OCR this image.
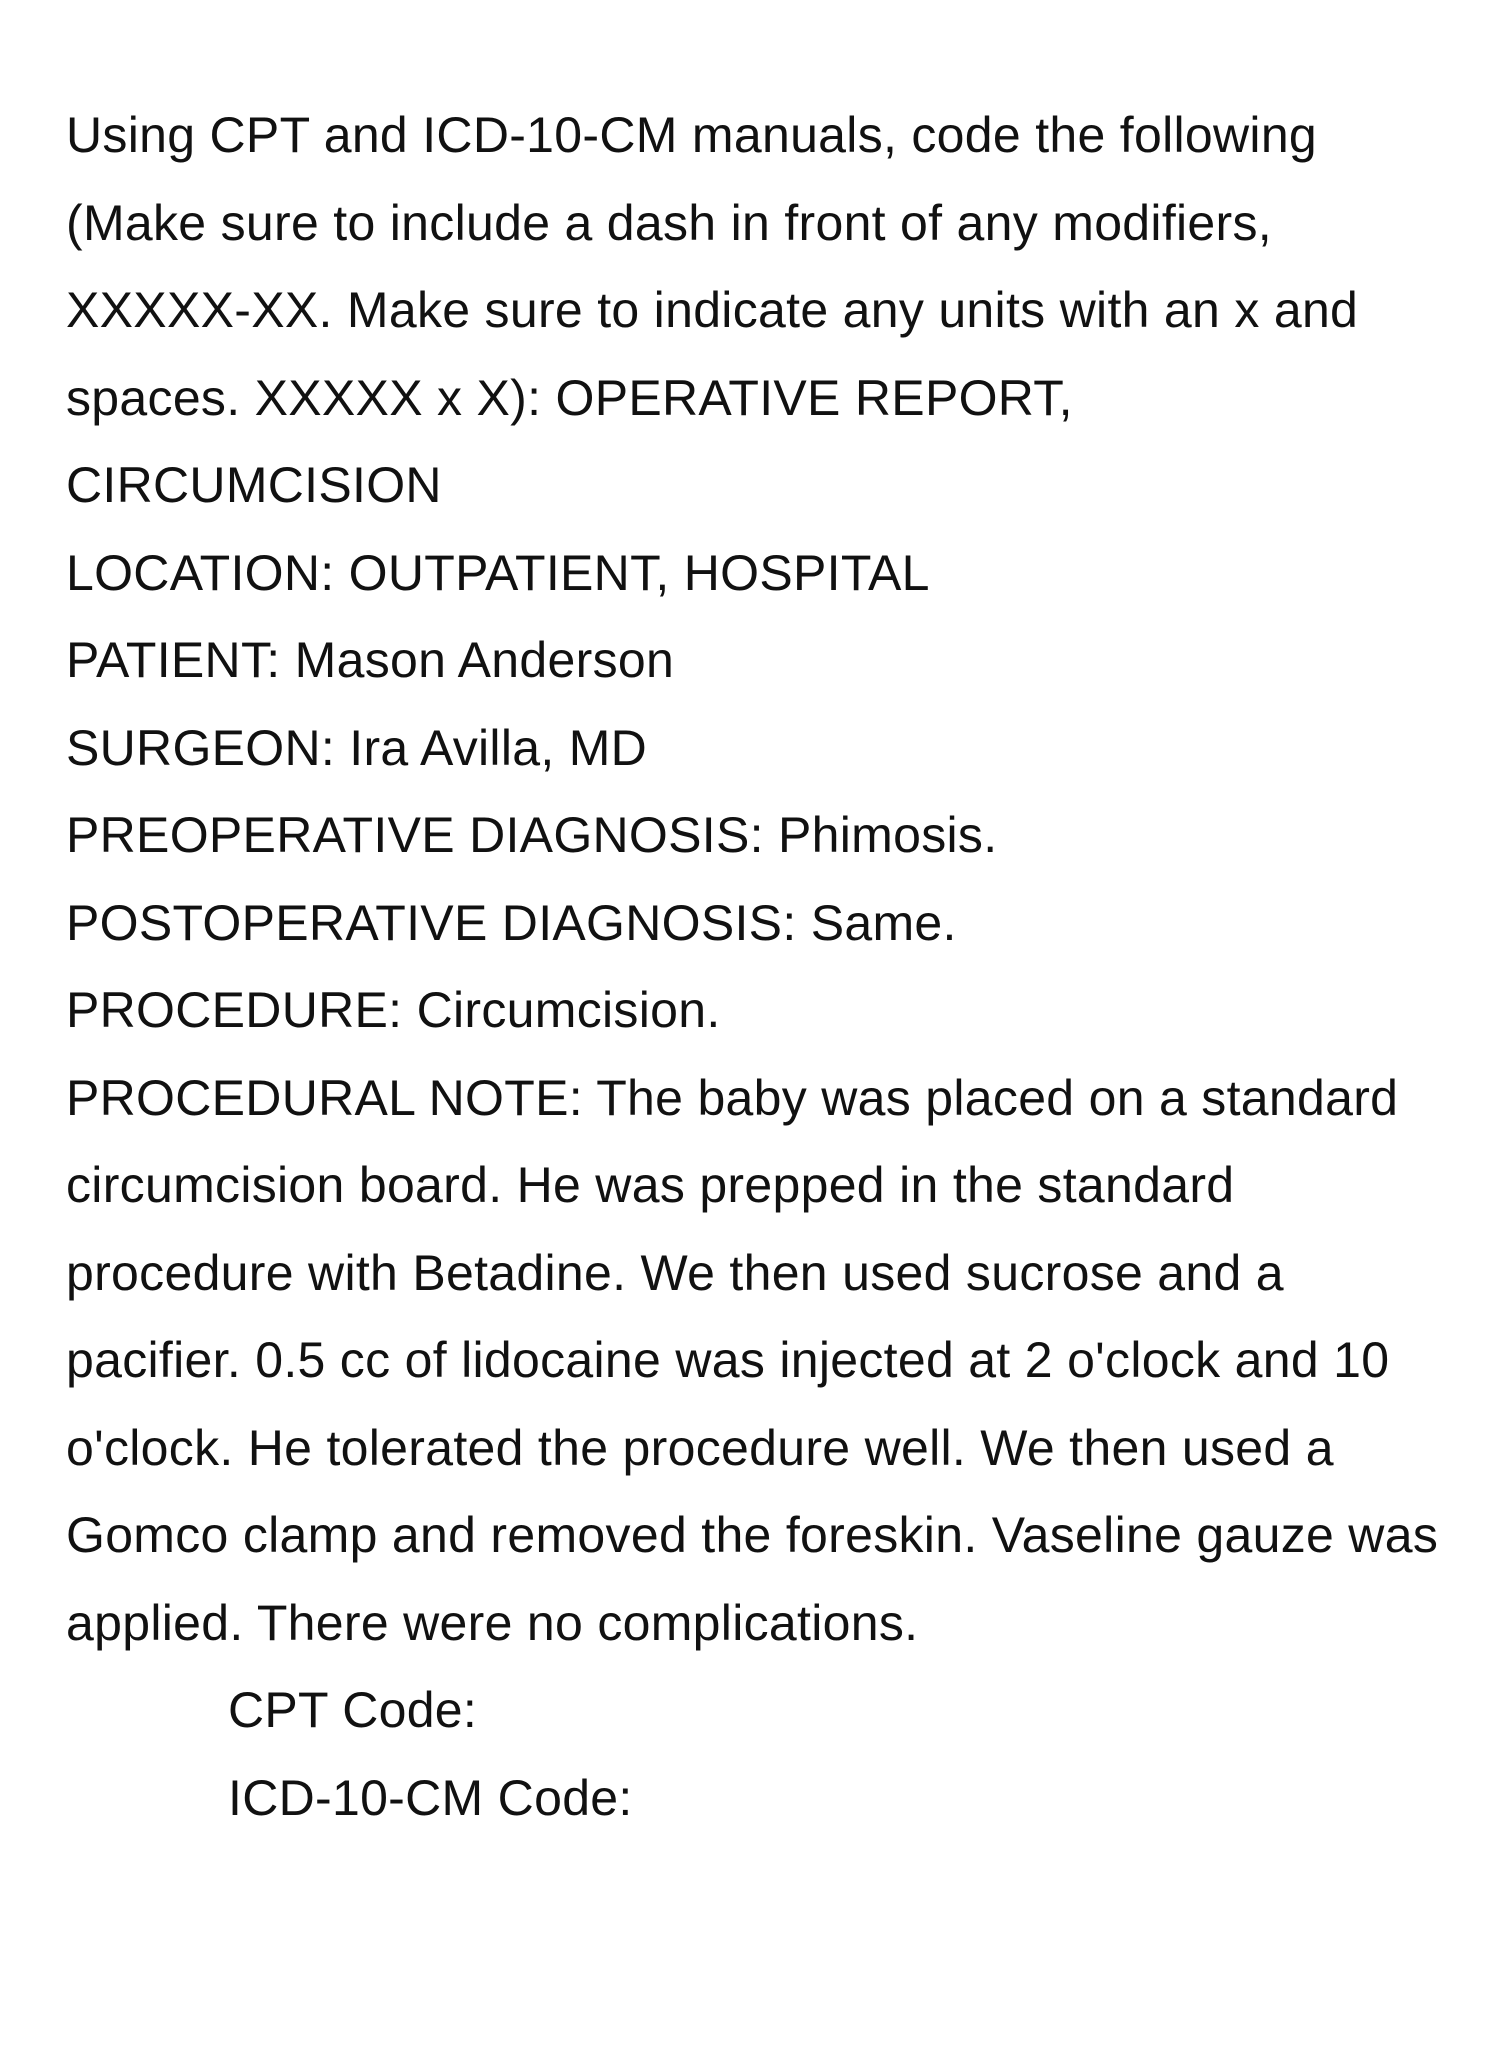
Using CPT and ICD-10-CM manuals, code the following (Make sure to include a dash in front of any modifiers, XXXXX-XX. Make sure to indicate any units with an x and spaces. XXXXX x X): OPERATIVE REPORT, CIRCUMCISION

LOCATION: OUTPATIENT, HOSPITAL

PATIENT: Mason Anderson

SURGEON: Ira Avilla, MD

PREOPERATIVE DIAGNOSIS: Phimosis.

POSTOPERATIVE DIAGNOSIS: Same.

PROCEDURE: Circumcision.

PROCEDURAL NOTE: The baby was placed on a standard circumcision board. He was prepped in the standard procedure with Betadine. We then used sucrose and a pacifier. 0.5 cc of lidocaine was injected at 2 o'clock and 10 o'clock. He tolerated the procedure well. We then used a Gomco clamp and removed the foreskin. Vaseline gauze was applied. There were no complications.

CPT Code:

ICD-10-CM Code:
